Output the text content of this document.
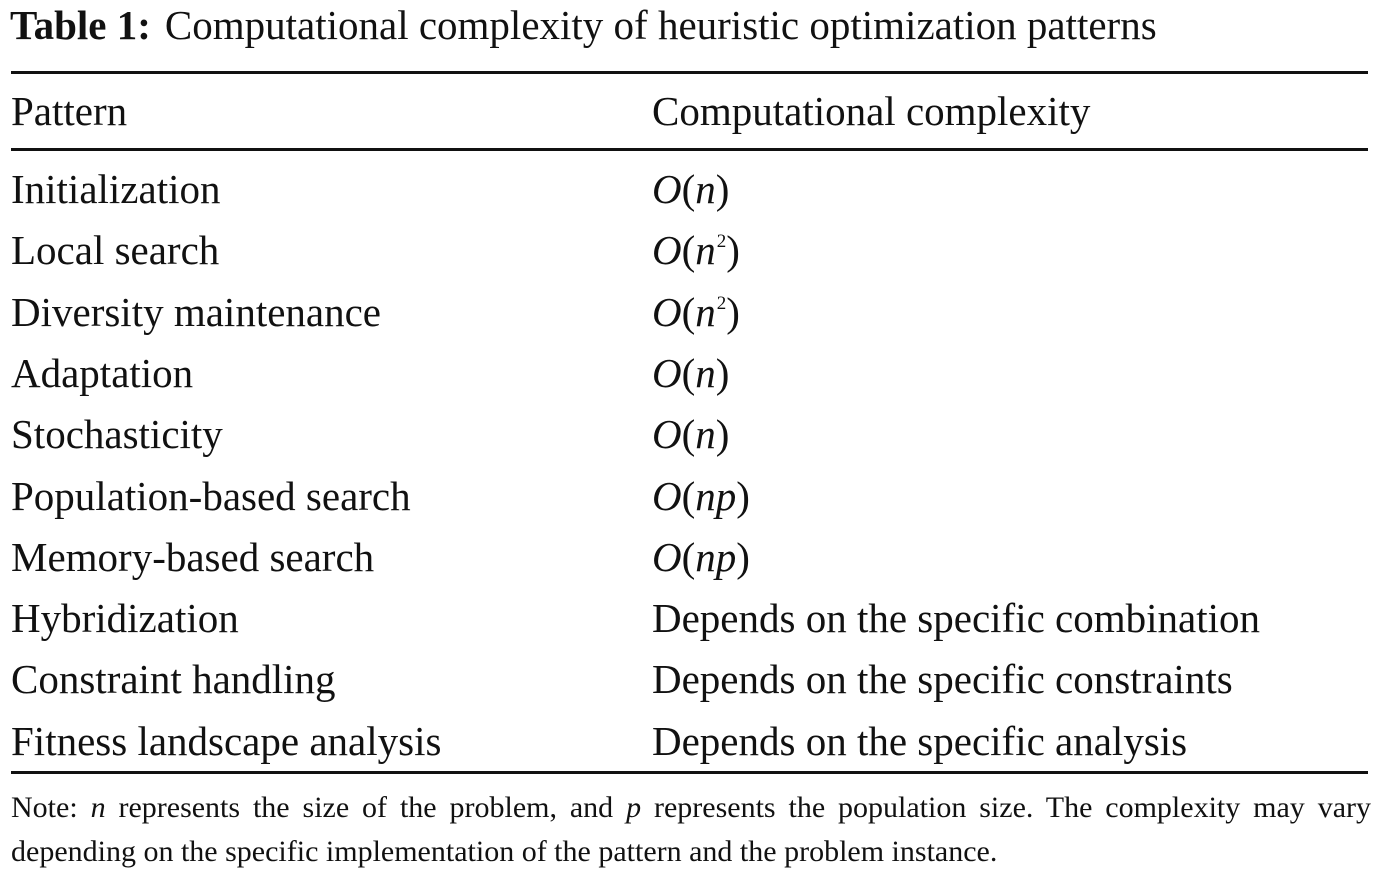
Table 1: Computational complexity of heuristic optimization patterns
Pattern	Computational complexity
Initialization	O(n)
Local search	$O(n^2)$
Diversity maintenance	$O(n^2)$
Adaptation	O(n)
Stochasticity	O(n)
Population-based search	O(np)
Memory-based search	O(np)
Hybridization	Depends on the specific combination
Constraint handling	Depends on the specific constraints
Fitness landscape analysis	Depends on the specific analysis
Note: n represents the size of the problem, and p represents the population size. The complexity may vary depending on the specific implementation of the pattern and the problem instance.
